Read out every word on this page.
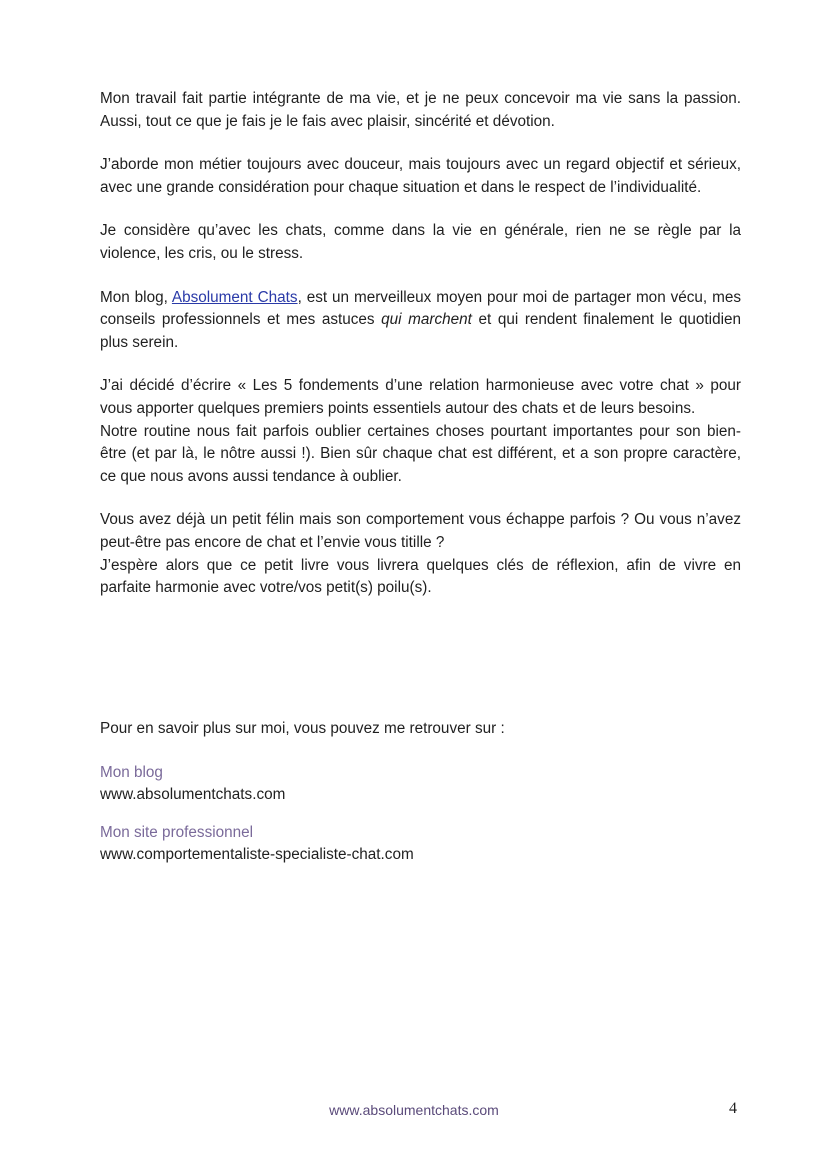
Mon travail fait partie intégrante de ma vie, et je ne peux concevoir ma vie sans la passion. Aussi, tout ce que je fais je le fais avec plaisir, sincérité et dévotion.

J’aborde mon métier toujours avec douceur, mais toujours avec un regard objectif et sérieux, avec une grande considération pour chaque situation et dans le respect de l’individualité.

Je considère qu’avec les chats, comme dans la vie en générale, rien ne se règle par la violence, les cris, ou le stress.

Mon blog, Absolument Chats, est un merveilleux moyen pour moi de partager mon vécu, mes conseils professionnels et mes astuces qui marchent et qui rendent finalement le quotidien plus serein.

J’ai décidé d’écrire « Les 5 fondements d’une relation harmonieuse avec votre chat » pour vous apporter quelques premiers points essentiels autour des chats et de leurs besoins.

Notre routine nous fait parfois oublier certaines choses pourtant importantes pour son bien-être (et par là, le nôtre aussi !). Bien sûr chaque chat est différent, et a son propre caractère, ce que nous avons aussi tendance à oublier.

Vous avez déjà un petit félin mais son comportement vous échappe parfois ? Ou vous n’avez peut-être pas encore de chat et l’envie vous titille ?

J’espère alors que ce petit livre vous livrera quelques clés de réflexion, afin de vivre en parfaite harmonie avec votre/vos petit(s) poilu(s).

Pour en savoir plus sur moi, vous pouvez me retrouver sur :

Mon blog
www.absolumentchats.com
Mon site professionnel
www.comportementaliste-specialiste-chat.com
www.absolumentchats.com	4
